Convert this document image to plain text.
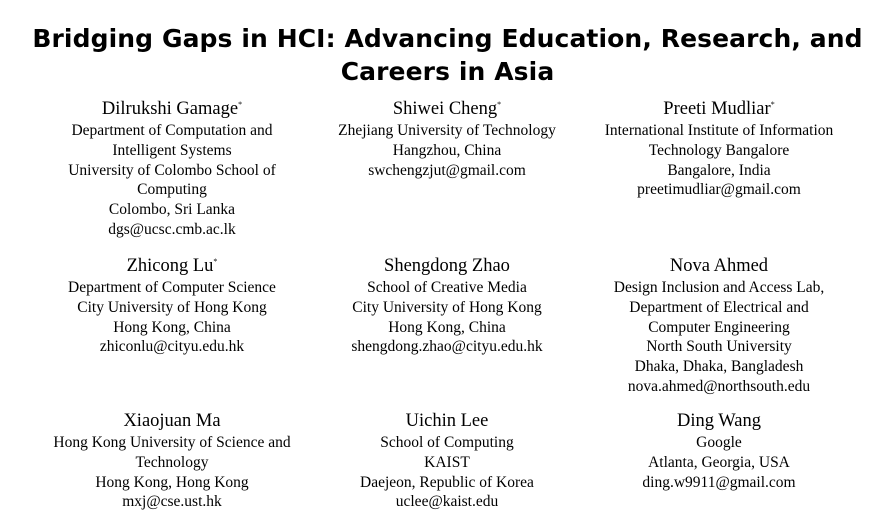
Bridging Gaps in HCI: Advancing Education, Research, and
Careers in Asia
Dilrukshi Gamage*
Department of Computation and
Intelligent Systems
University of Colombo School of
Computing
Colombo, Sri Lanka
dgs@ucsc.cmb.ac.lk
Shiwei Cheng*
Zhejiang University of Technology
Hangzhou, China
swchengzjut@gmail.com
Preeti Mudliar*
International Institute of Information
Technology Bangalore
Bangalore, India
preetimudliar@gmail.com
Zhicong Lu*
Department of Computer Science
City University of Hong Kong
Hong Kong, China
zhiconlu@cityu.edu.hk
Shengdong Zhao
School of Creative Media
City University of Hong Kong
Hong Kong, China
shengdong.zhao@cityu.edu.hk
Nova Ahmed
Design Inclusion and Access Lab,
Department of Electrical and
Computer Engineering
North South University
Dhaka, Dhaka, Bangladesh
nova.ahmed@northsouth.edu
Xiaojuan Ma
Hong Kong University of Science and
Technology
Hong Kong, Hong Kong
mxj@cse.ust.hk
Uichin Lee
School of Computing
KAIST
Daejeon, Republic of Korea
uclee@kaist.edu
Ding Wang
Google
Atlanta, Georgia, USA
ding.w9911@gmail.com
